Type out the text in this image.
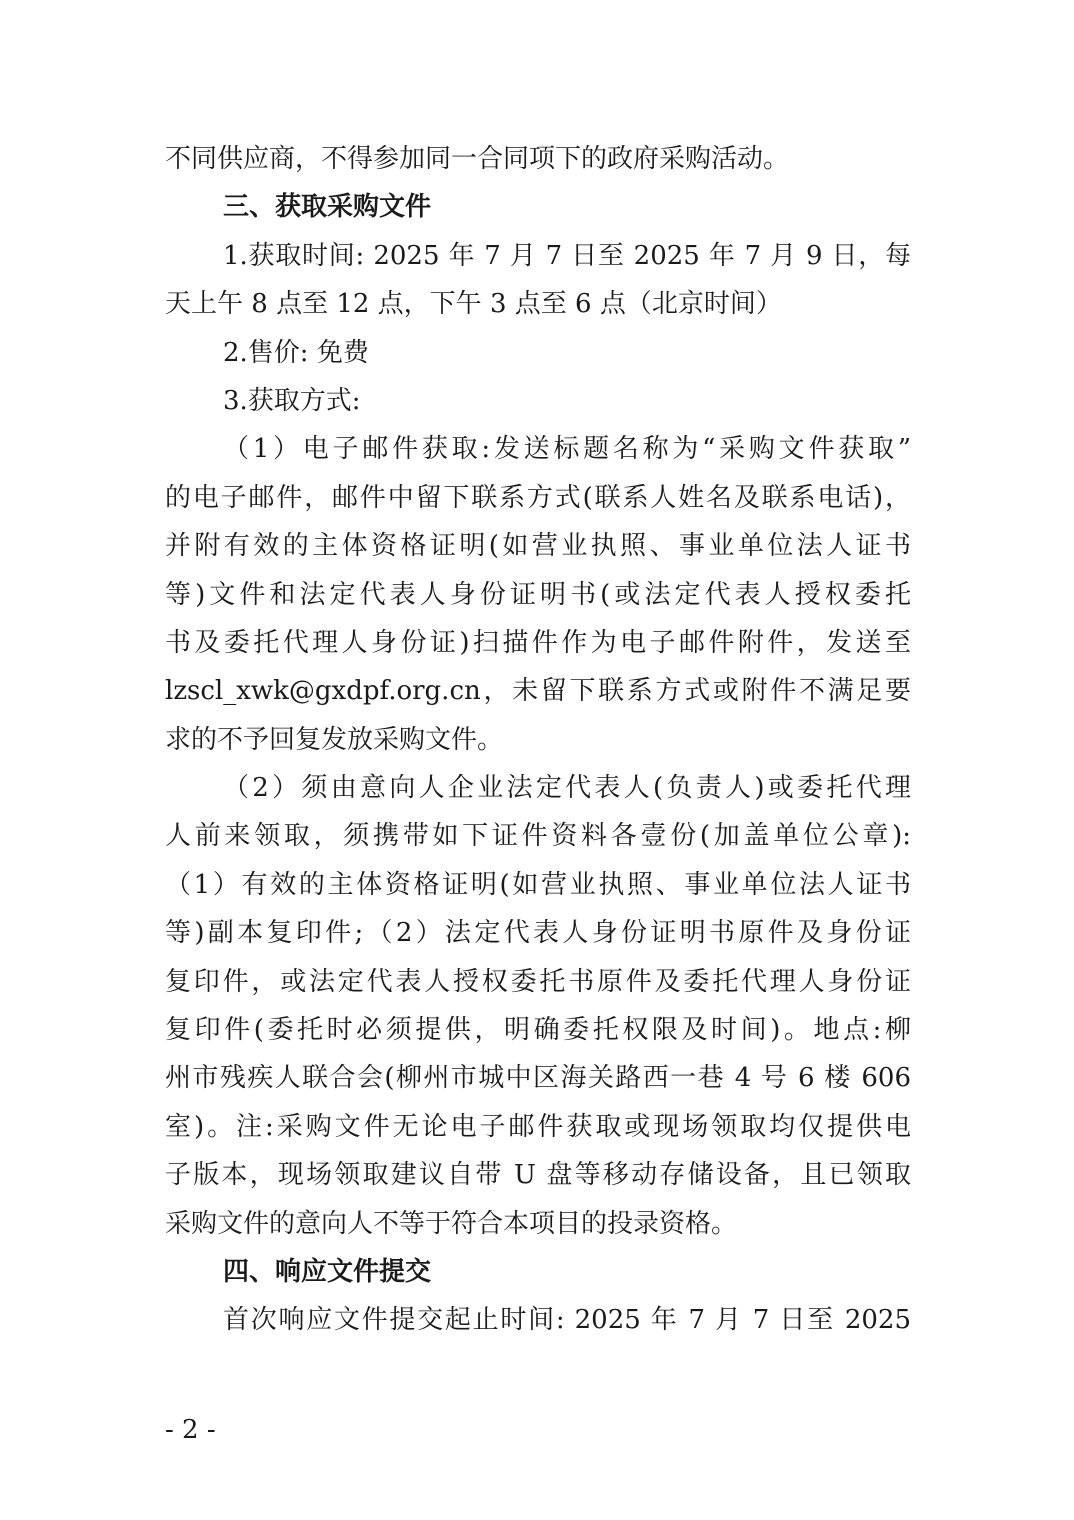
不同供应商，不得参加同一合同项下的政府采购活动。
三、获取采购文件
1.获取时间: 2025 年 7 月 7 日至 2025 年 7 月 9 日，每
天上午 8 点至 12 点，下午 3 点至 6 点（北京时间）
2.售价: 免费
3.获取方式:
（1）电子邮件获取:发送标题名称为“采购文件获取”
的电子邮件，邮件中留下联系方式(联系人姓名及联系电话)，
并附有效的主体资格证明(如营业执照、事业单位法人证书
等)文件和法定代表人身份证明书(或法定代表人授权委托
书及委托代理人身份证)扫描件作为电子邮件附件，发送至
lzscl_xwk@gxdpf.org.cn，未留下联系方式或附件不满足要
求的不予回复发放采购文件。
（2）须由意向人企业法定代表人(负责人)或委托代理
人前来领取，须携带如下证件资料各壹份(加盖单位公章):
（1）有效的主体资格证明(如营业执照、事业单位法人证书
等)副本复印件;（2）法定代表人身份证明书原件及身份证
复印件，或法定代表人授权委托书原件及委托代理人身份证
复印件(委托时必须提供，明确委托权限及时间)。地点:柳
州市残疾人联合会(柳州市城中区海关路西一巷 4 号 6 楼 606
室)。注:采购文件无论电子邮件获取或现场领取均仅提供电
子版本，现场领取建议自带 U 盘等移动存储设备，且已领取
采购文件的意向人不等于符合本项目的投录资格。
四、响应文件提交
首次响应文件提交起止时间: 2025 年 7 月 7 日至 2025
- 2 -
